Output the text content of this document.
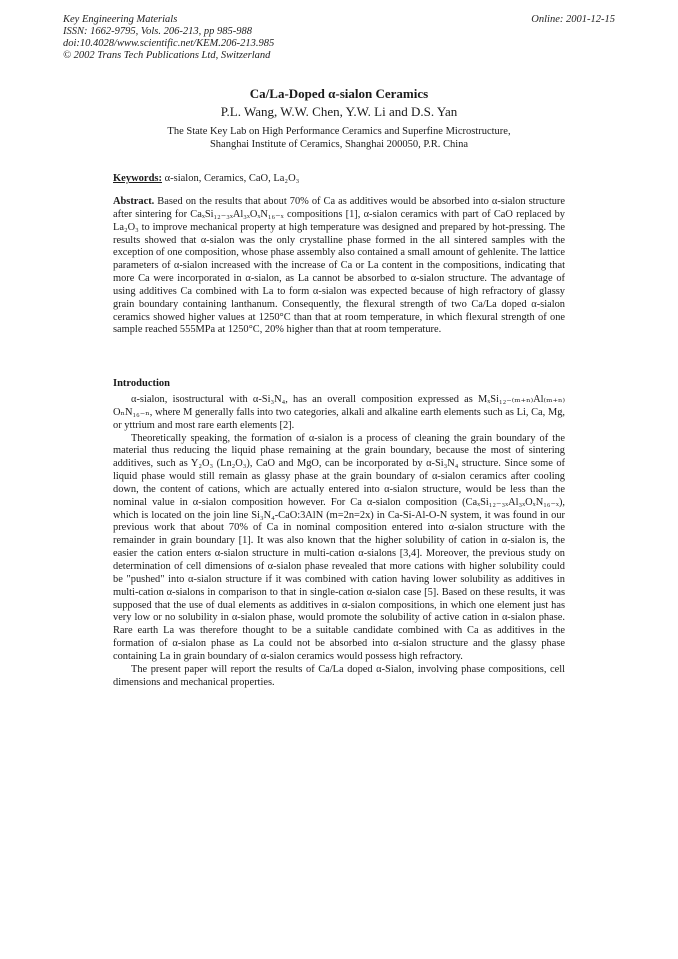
Key Engineering Materials
ISSN: 1662-9795, Vols. 206-213, pp 985-988
doi:10.4028/www.scientific.net/KEM.206-213.985
© 2002 Trans Tech Publications Ltd, Switzerland
Online: 2001-12-15
Ca/La-Doped α-sialon Ceramics
P.L. Wang, W.W. Chen, Y.W. Li and D.S. Yan
The State Key Lab on High Performance Ceramics and Superfine Microstructure,
Shanghai Institute of Ceramics, Shanghai 200050, P.R. China
Keywords: α-sialon, Ceramics, CaO, La₂O₃
Abstract. Based on the results that about 70% of Ca as additives would be absorbed into α-sialon structure after sintering for CaₓSi₁₂₋₃ₓAl₃ₓOₓN₁₆₋ₓ compositions [1], α-sialon ceramics with part of CaO replaced by La₂O₃ to improve mechanical property at high temperature was designed and prepared by hot-pressing. The results showed that α-sialon was the only crystalline phase formed in the all sintered samples with the exception of one composition, whose phase assembly also contained a small amount of gehlenite. The lattice parameters of α-sialon increased with the increase of Ca or La content in the compositions, indicating that more Ca were incorporated in α-sialon, as La cannot be absorbed to α-sialon structure. The advantage of using additives Ca combined with La to form α-sialon was expected because of high refractory of glassy grain boundary containing lanthanum. Consequently, the flexural strength of two Ca/La doped α-sialon ceramics showed higher values at 1250°C than that at room temperature, in which flexural strength of one sample reached 555MPa at 1250°C, 20% higher than that at room temperature.
Introduction

α-sialon, isostructural with α-Si₃N₄, has an overall composition expressed as MₓSi₁₂₋₍ₘ₊ₙ₎Al₍ₘ₊ₙ₎OₙN₁₆₋ₙ, where M generally falls into two categories, alkali and alkaline earth elements such as Li, Ca, Mg, or yttrium and most rare earth elements [2].

Theoretically speaking, the formation of α-sialon is a process of cleaning the grain boundary of the material thus reducing the liquid phase remaining at the grain boundary, because the most of sintering additives, such as Y₂O₃ (Ln₂O₃), CaO and MgO, can be incorporated by α-Si₃N₄ structure. Since some of liquid phase would still remain as glassy phase at the grain boundary of α-sialon ceramics after cooling down, the content of cations, which are actually entered into α-sialon structure, would be less than the nominal value in α-sialon composition however. For Ca α-sialon composition (CaₓSi₁₂₋₃ₓAl₃ₓOₓN₁₆₋ₓ), which is located on the join line Si₃N₄-CaO:3AlN (m=2n=2x) in Ca-Si-Al-O-N system, it was found in our previous work that about 70% of Ca in nominal composition entered into α-sialon structure with the remainder in grain boundary [1]. It was also known that the higher solubility of cation in α-sialon is, the easier the cation enters α-sialon structure in multi-cation α-sialons [3,4]. Moreover, the previous study on determination of cell dimensions of α-sialon phase revealed that more cations with higher solubility could be "pushed" into α-sialon structure if it was combined with cation having lower solubility as additives in multi-cation α-sialons in comparison to that in single-cation α-sialon case [5]. Based on these results, it was supposed that the use of dual elements as additives in α-sialon compositions, in which one element just has very low or no solubility in α-sialon phase, would promote the solubility of active cation in α-sialon phase. Rare earth La was therefore thought to be a suitable candidate combined with Ca as additives in the formation of α-sialon phase as La could not be absorbed into α-sialon structure and the glassy phase containing La in grain boundary of α-sialon ceramics would possess high refractory.

The present paper will report the results of Ca/La doped α-Sialon, involving phase compositions, cell dimensions and mechanical properties.
